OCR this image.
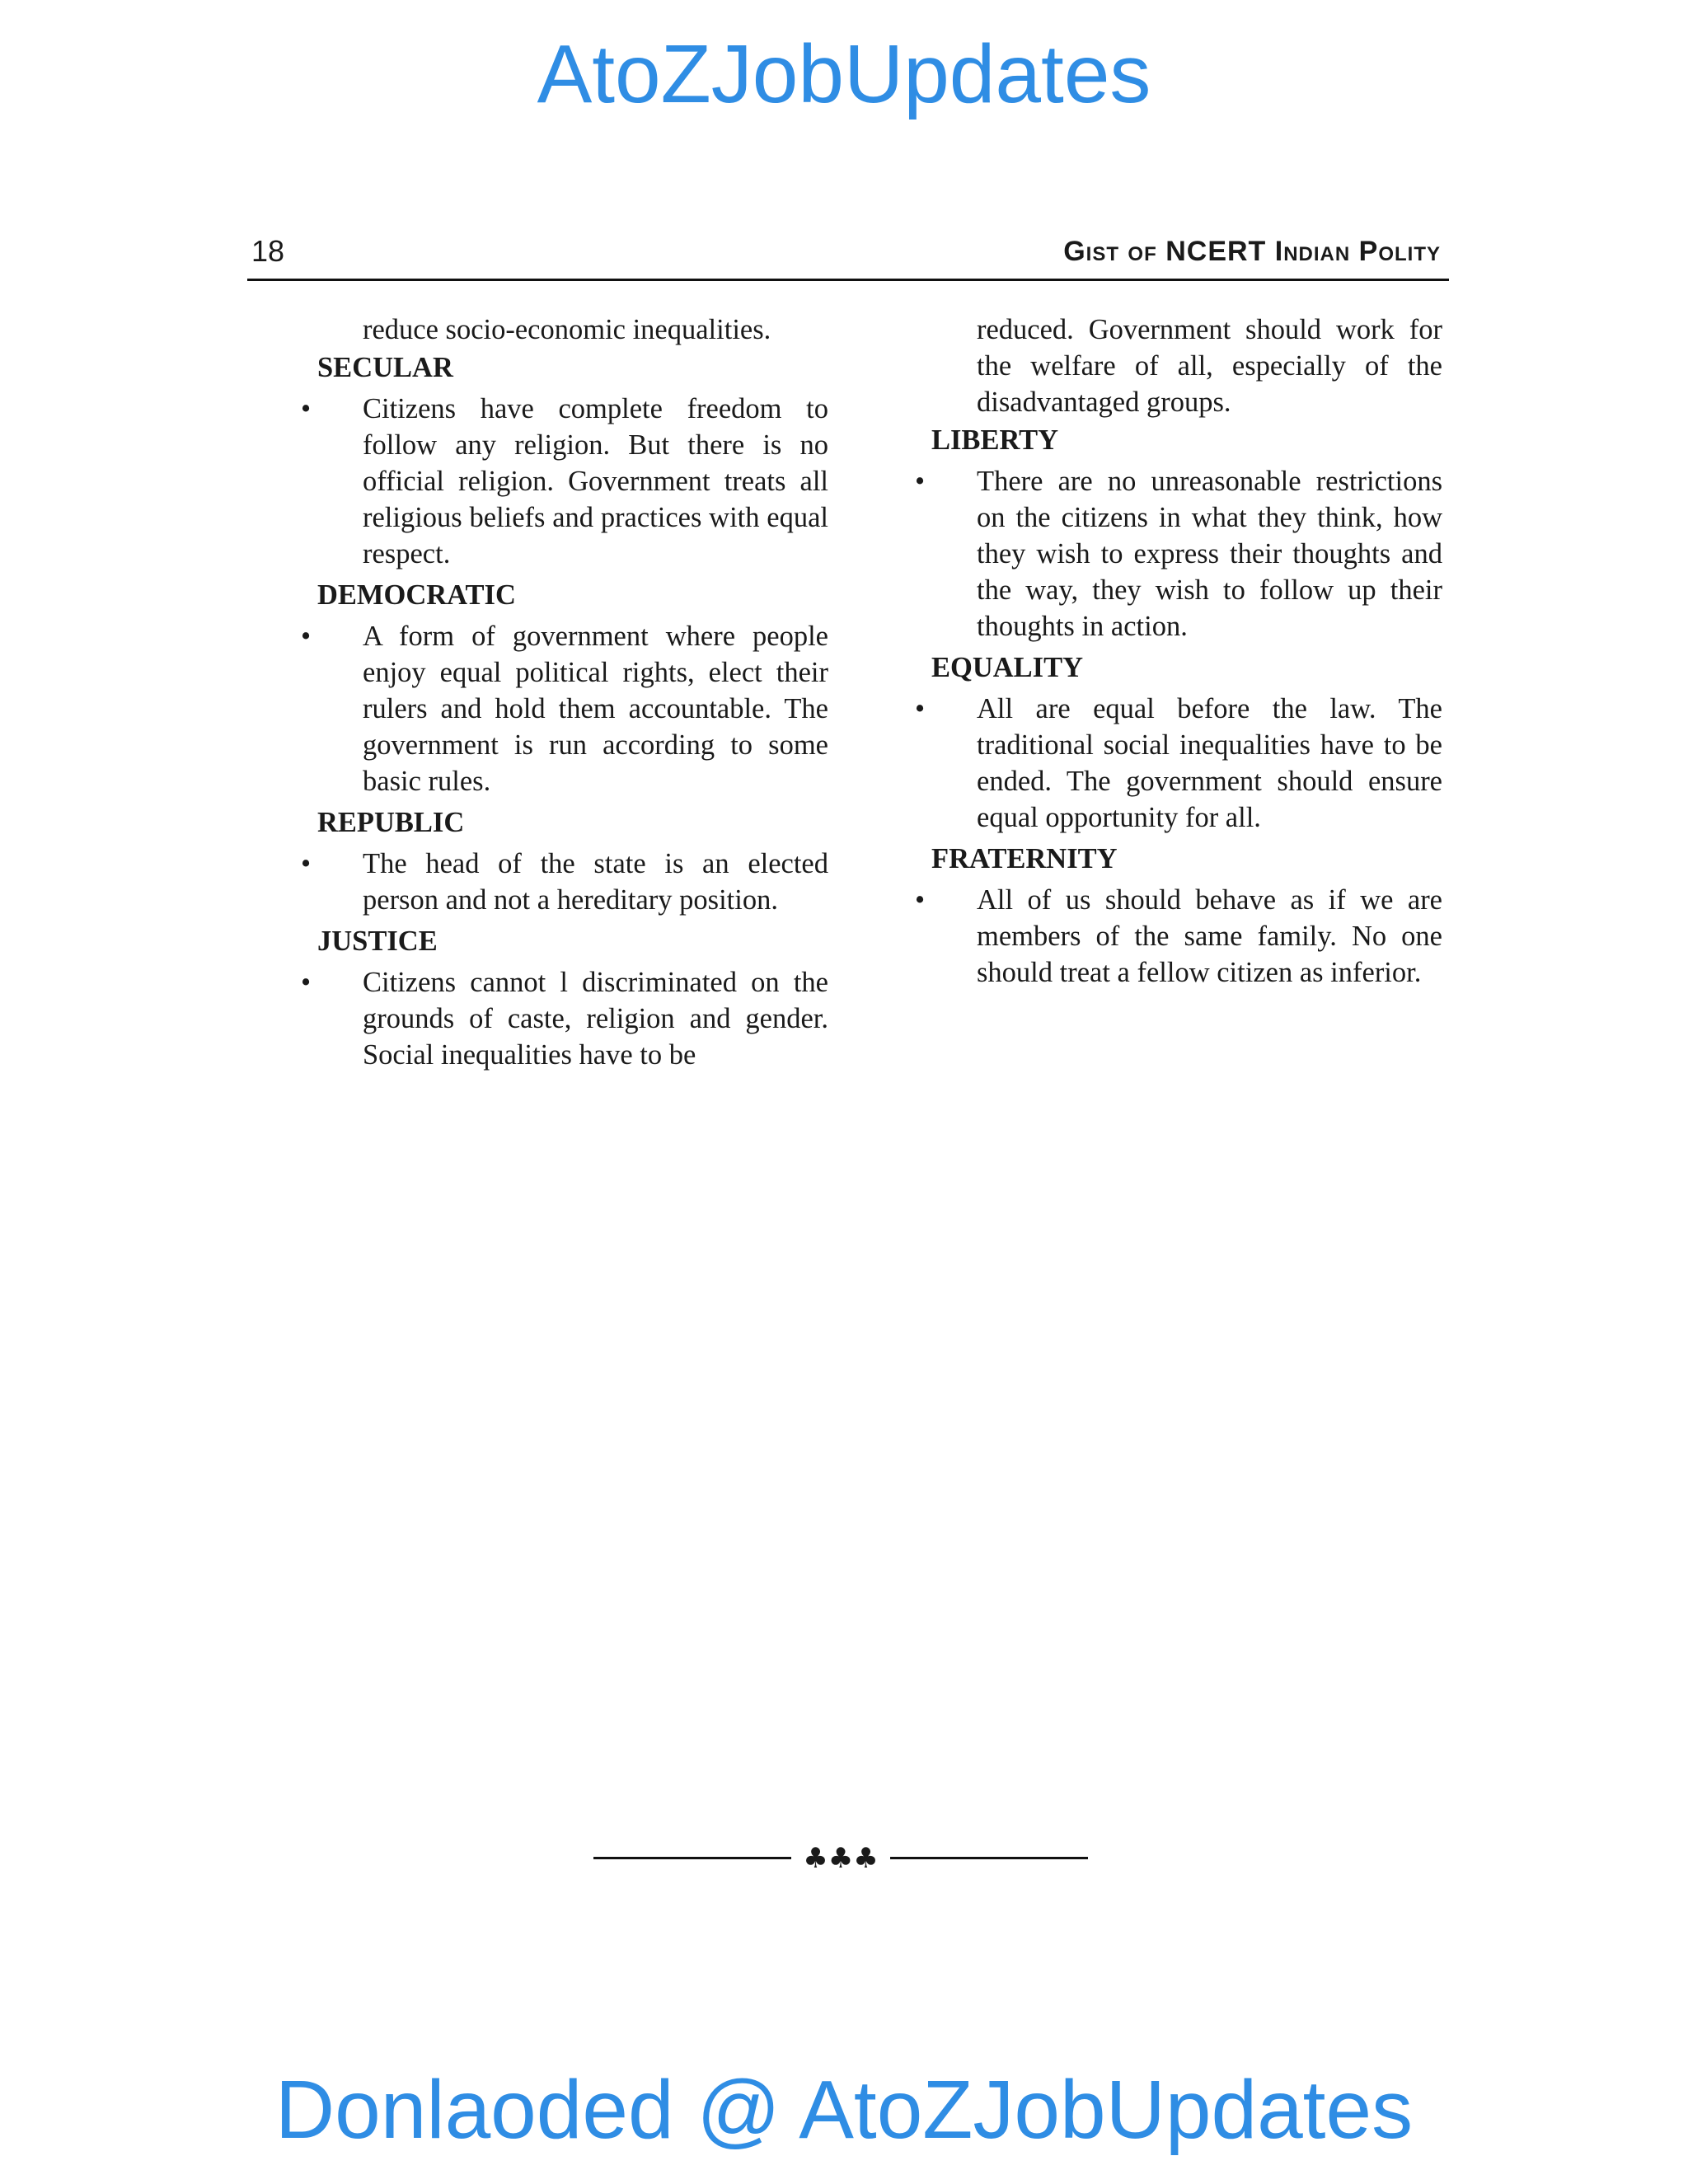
AtoZJobUpdates
18	Gist of NCERT Indian Polity
reduce socio-economic inequalities.
SECULAR
• Citizens have complete freedom to follow any religion. But there is no official religion. Government treats all religious beliefs and practices with equal respect.
DEMOCRATIC
• A form of government where people enjoy equal political rights, elect their rulers and hold them accountable. The government is run according to some basic rules.
REPUBLIC
• The head of the state is an elected person and not a hereditary position.
JUSTICE
• Citizens cannot l discriminated on the grounds of caste, religion and gender. Social inequalities have to be
reduced. Government should work for the welfare of all, especially of the disadvantaged groups.
LIBERTY
• There are no unreasonable restrictions on the citizens in what they think, how they wish to express their thoughts and the way, they wish to follow up their thoughts in action.
EQUALITY
• All are equal before the law. The traditional social inequalities have to be ended. The government should ensure equal opportunity for all.
FRATERNITY
• All of us should behave as if we are members of the same family. No one should treat a fellow citizen as inferior.
♣♣♣
Donlaoded @ AtoZJobUpdates
